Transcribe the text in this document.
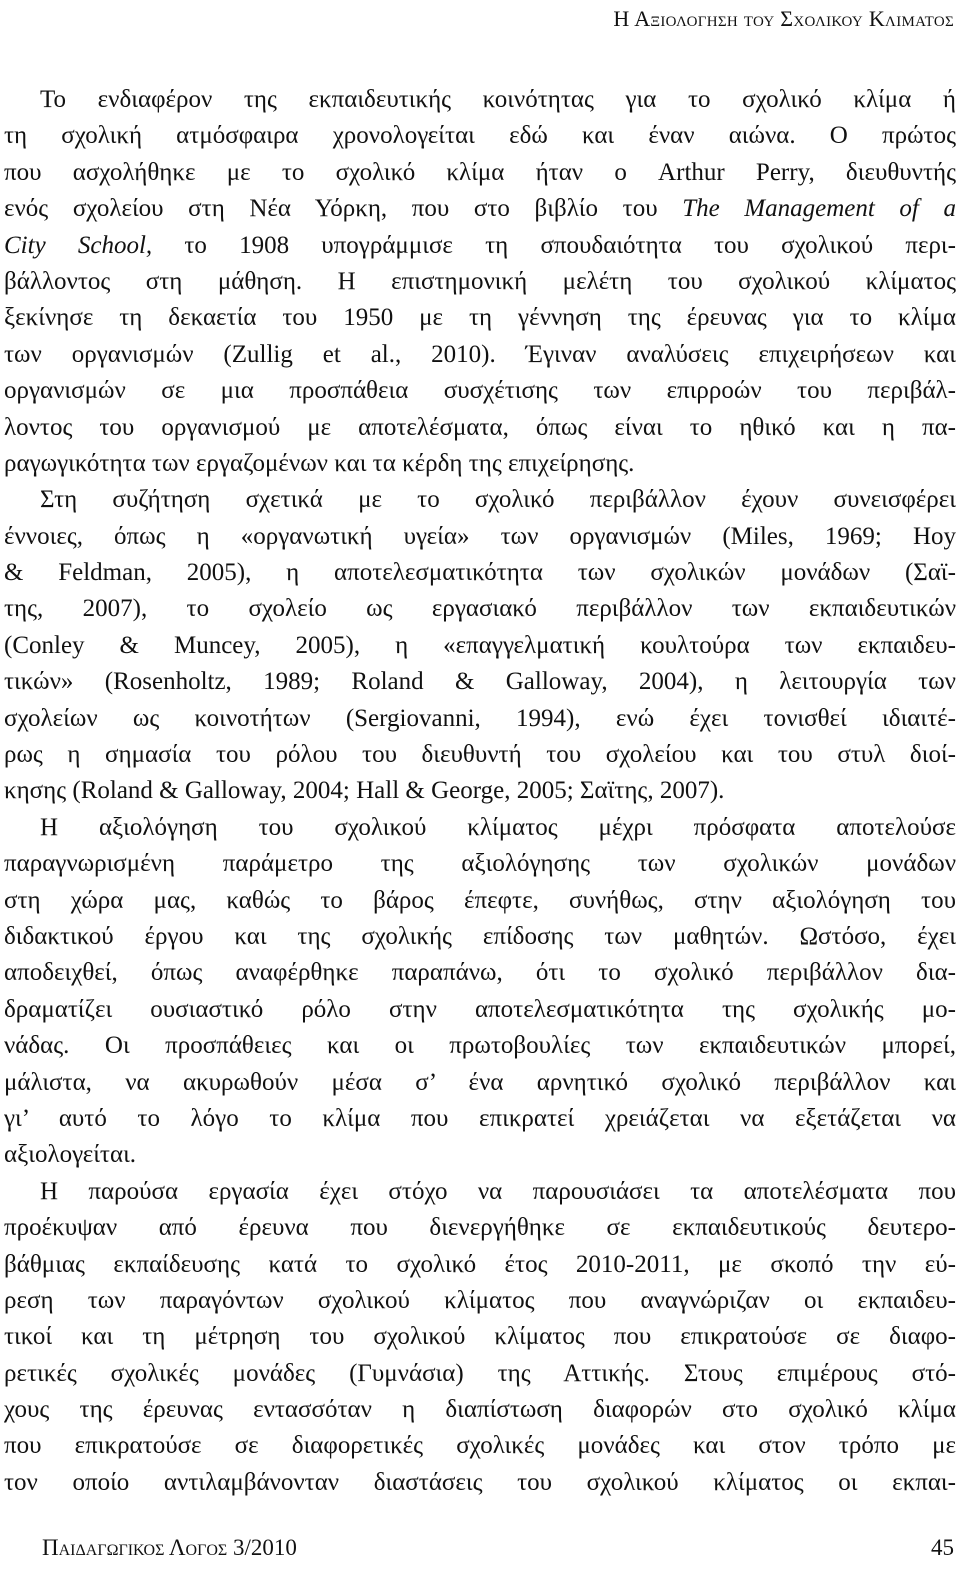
Η Αξιολογηση του Σχολικου Κλιματος
Το ενδιαφέρον της εκπαιδευτικής κοινότητας για το σχολικό κλίμα ή
τη σχολική ατμόσφαιρα χρονολογείται εδώ και έναν αιώνα. Ο πρώτος
που ασχολήθηκε με το σχολικό κλίμα ήταν ο Arthur Perry, διευθυντής
ενός σχολείου στη Νέα Υόρκη, που στο βιβλίο του The Management of a
City School, το 1908 υπογράμμισε τη σπουδαιότητα του σχολικού περι-
βάλλοντος στη μάθηση. Η επιστημονική μελέτη του σχολικού κλίματος
ξεκίνησε τη δεκαετία του 1950 με τη γέννηση της έρευνας για το κλίμα
των οργανισμών (Zullig et al., 2010). Έγιναν αναλύσεις επιχειρήσεων και
οργανισμών σε μια προσπάθεια συσχέτισης των επιρροών του περιβάλ-
λοντος του οργανισμού με αποτελέσματα, όπως είναι το ηθικό και η πα-
ραγωγικότητα των εργαζομένων και τα κέρδη της επιχείρησης.
Στη συζήτηση σχετικά με το σχολικό περιβάλλον έχουν συνεισφέρει
έννοιες, όπως η «οργανωτική υγεία» των οργανισμών (Miles, 1969; Hoy
& Feldman, 2005), η αποτελεσματικότητα των σχολικών μονάδων (Σαϊ-
της, 2007), το σχολείο ως εργασιακό περιβάλλον των εκπαιδευτικών
(Conley & Muncey, 2005), η «επαγγελματική κουλτούρα των εκπαιδευ-
τικών» (Rosenholtz, 1989; Roland & Galloway, 2004), η λειτουργία των
σχολείων ως κοινοτήτων (Sergiovanni, 1994), ενώ έχει τονισθεί ιδιαιτέ-
ρως η σημασία του ρόλου του διευθυντή του σχολείου και του στυλ διοί-
κησης (Roland & Galloway, 2004; Hall & George, 2005; Σαϊτης, 2007).
Η αξιολόγηση του σχολικού κλίματος μέχρι πρόσφατα αποτελούσε
παραγνωρισμένη παράμετρο της αξιολόγησης των σχολικών μονάδων
στη χώρα μας, καθώς το βάρος έπεφτε, συνήθως, στην αξιολόγηση του
διδακτικού έργου και της σχολικής επίδοσης των μαθητών. Ωστόσο, έχει
αποδειχθεί, όπως αναφέρθηκε παραπάνω, ότι το σχολικό περιβάλλον δια-
δραματίζει ουσιαστικό ρόλο στην αποτελεσματικότητα της σχολικής μο-
νάδας. Οι προσπάθειες και οι πρωτοβουλίες των εκπαιδευτικών μπορεί,
μάλιστα, να ακυρωθούν μέσα σ’ ένα αρνητικό σχολικό περιβάλλον και
γι’ αυτό το λόγο το κλίμα που επικρατεί χρειάζεται να εξετάζεται να
αξιολογείται.
Η παρούσα εργασία έχει στόχο να παρουσιάσει τα αποτελέσματα που
προέκυψαν από έρευνα που διενεργήθηκε σε εκπαιδευτικούς δευτερο-
βάθμιας εκπαίδευσης κατά το σχολικό έτος 2010-2011, με σκοπό την εύ-
ρεση των παραγόντων σχολικού κλίματος που αναγνώριζαν οι εκπαιδευ-
τικοί και τη μέτρηση του σχολικού κλίματος που επικρατούσε σε διαφο-
ρετικές σχολικές μονάδες (Γυμνάσια) της Αττικής. Στους επιμέρους στό-
χους της έρευνας εντασσόταν η διαπίστωση διαφορών στο σχολικό κλίμα
που επικρατούσε σε διαφορετικές σχολικές μονάδες και στον τρόπο με
τον οποίο αντιλαμβάνονταν διαστάσεις του σχολικού κλίματος οι εκπαι-
Παιδαγωγικος Λογος 3/2010	45
